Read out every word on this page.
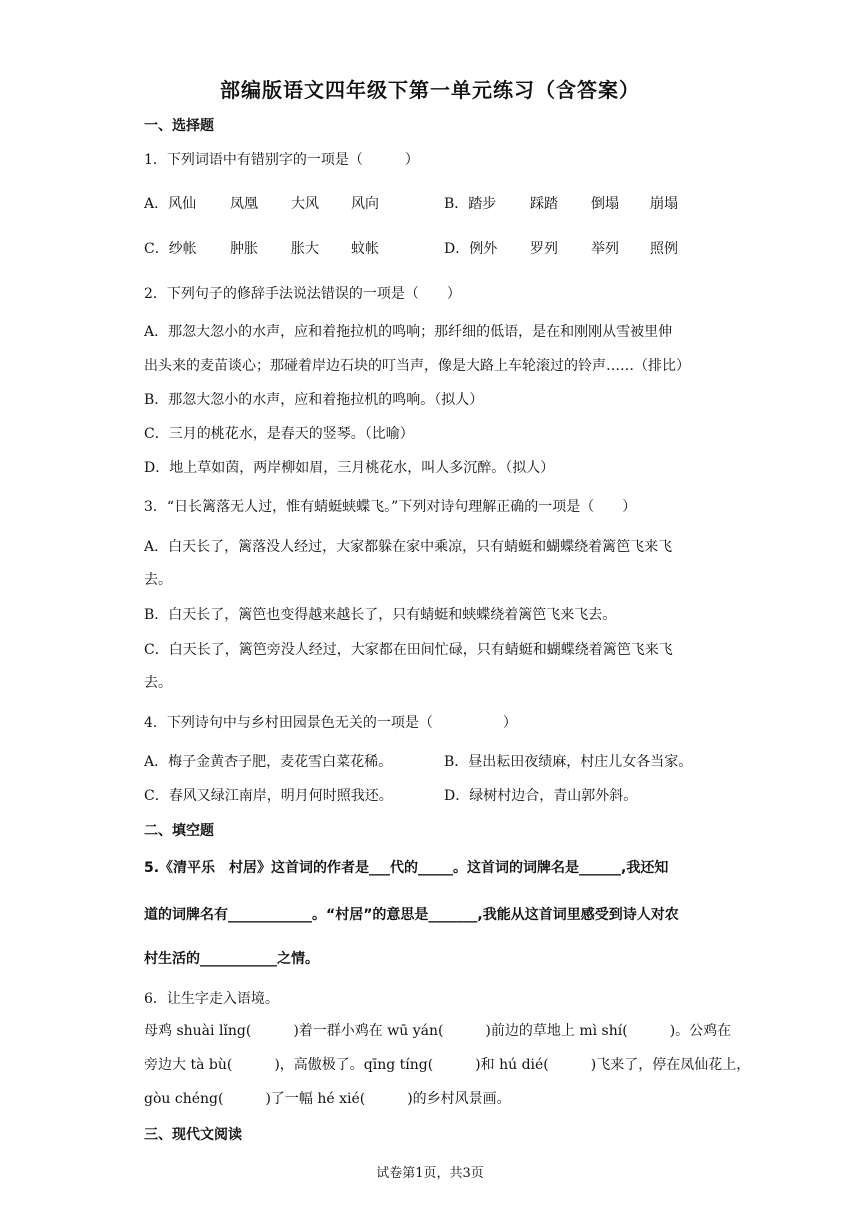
部编版语文四年级下第一单元练习（含答案）
一、选择题
1．下列词语中有错别字的一项是（　　　）
A．风仙 凤凰 大风 风向	B．踏步 踩踏 倒塌 崩塌
C．纱帐 肿胀 胀大 蚊帐	D．例外 罗列 举列 照例
2．下列句子的修辞手法说法错误的一项是（　　）
A．那忽大忽小的水声，应和着拖拉机的鸣响；那纤细的低语，是在和刚刚从雪被里伸
出头来的麦苗谈心；那碰着岸边石块的叮当声，像是大路上车轮滚过的铃声……（排比）
B．那忽大忽小的水声，应和着拖拉机的鸣响。（拟人）
C．三月的桃花水，是春天的竖琴。（比喻）
D．地上草如茵，两岸柳如眉，三月桃花水，叫人多沉醉。（拟人）
3．“日长篱落无人过，惟有蜻蜓蛱蝶飞。”下列对诗句理解正确的一项是（　　）
A．白天长了，篱落没人经过，大家都躲在家中乘凉，只有蜻蜓和蝴蝶绕着篱笆飞来飞
去。
B．白天长了，篱笆也变得越来越长了，只有蜻蜓和蛱蝶绕着篱笆飞来飞去。
C．白天长了，篱笆旁没人经过，大家都在田间忙碌，只有蜻蜓和蝴蝶绕着篱笆飞来飞
去。
4．下列诗句中与乡村田园景色无关的一项是（　　　　　）
A．梅子金黄杏子肥，麦花雪白菜花稀。	B．昼出耘田夜绩麻，村庄儿女各当家。
C．春风又绿江南岸，明月何时照我还。	D．绿树村边合，青山郭外斜。
二、填空题
5.《清平乐　村居》这首词的作者是___代的_____。这首词的词牌名是______,我还知
道的词牌名有____________。“村居”的意思是_______,我能从这首词里感受到诗人对农
村生活的___________之情。
6．让生字走入语境。
母鸡 shuài lǐng(　　　)着一群小鸡在 wū yán(　　　)前边的草地上 mì shí(　　　)。公鸡在
旁边大 tà bù(　　　)，高傲极了。qīng tíng(　　　)和 hú dié(　　　)飞来了，停在凤仙花上，
gòu chéng(　　　)了一幅 hé xié(　　　)的乡村风景画。
三、现代文阅读
试卷第1页，共3页
